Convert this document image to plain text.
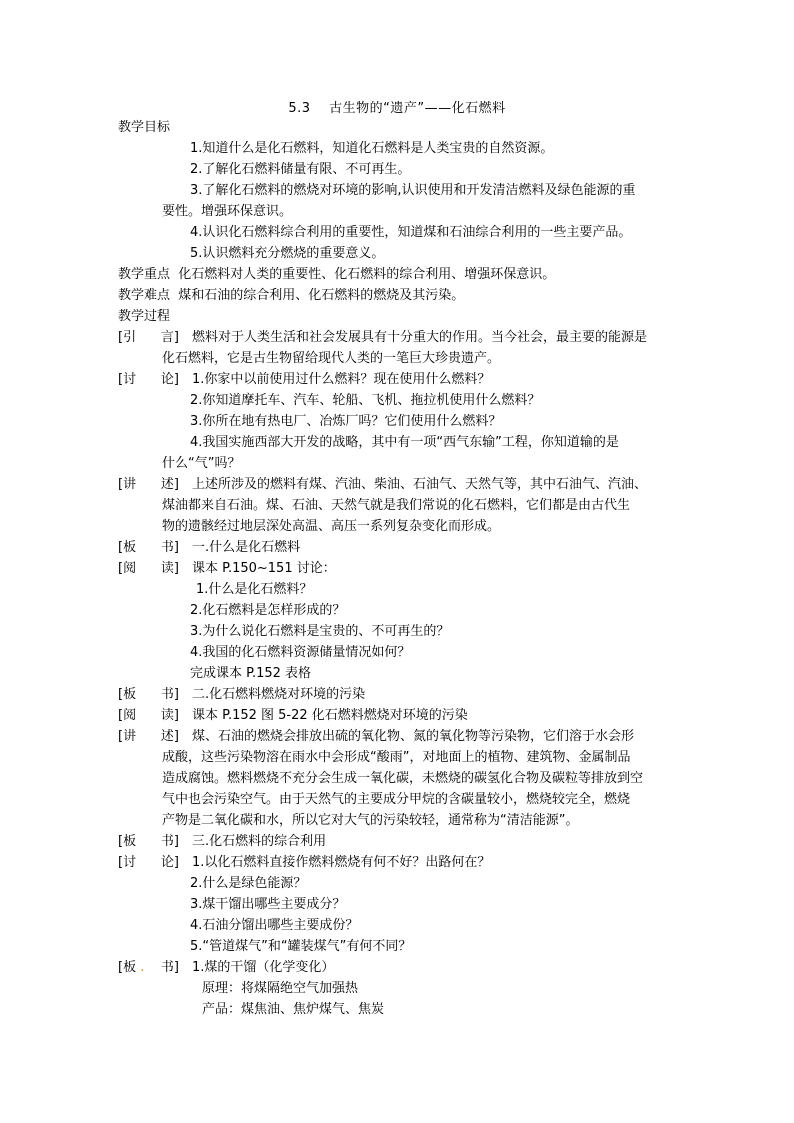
5.3    古生物的“遗产”——化石燃料
教学目标
1.知道什么是化石燃料，知道化石燃料是人类宝贵的自然资源。
2.了解化石燃料储量有限、不可再生。
3.了解化石燃料的燃烧对环境的影响,认识使用和开发清洁燃料及绿色能源的重
要性。增强环保意识。
4.认识化石燃料综合利用的重要性，知道煤和石油综合利用的一些主要产品。
5.认识燃料充分燃烧的重要意义。
教学重点 化石燃料对人类的重要性、化石燃料的综合利用、增强环保意识。
教学难点 煤和石油的综合利用、化石燃料的燃烧及其污染。
教学过程
[引      言] 燃料对于人类生活和社会发展具有十分重大的作用。当今社会，最主要的能源是
化石燃料，它是古生物留给现代人类的一笔巨大珍贵遗产。
[讨      论] 1.你家中以前使用过什么燃料？现在使用什么燃料？
2.你知道摩托车、汽车、轮船、飞机、拖拉机使用什么燃料？
3.你所在地有热电厂、冶炼厂吗？它们使用什么燃料？
4.我国实施西部大开发的战略，其中有一项“西气东输”工程，你知道输的是
什么“气”吗？
[讲      述] 上述所涉及的燃料有煤、汽油、柴油、石油气、天然气等，其中石油气、汽油、
煤油都来自石油。煤、石油、天然气就是我们常说的化石燃料，它们都是由古代生
物的遗骸经过地层深处高温、高压一系列复杂变化而形成。
[板      书] 一.什么是化石燃料
[阅      读] 课本 P.150~151 讨论：
1.什么是化石燃料？
2.化石燃料是怎样形成的？
3.为什么说化石燃料是宝贵的、不可再生的？
4.我国的化石燃料资源储量情况如何？
完成课本 P.152 表格
[板      书] 二.化石燃料燃烧对环境的污染
[阅      读] 课本 P.152 图 5-22 化石燃料燃烧对环境的污染
[讲      述] 煤、石油的燃烧会排放出硫的氧化物、氮的氧化物等污染物，它们溶于水会形
成酸，这些污染物溶在雨水中会形成“酸雨”，对地面上的植物、建筑物、金属制品
造成腐蚀。燃料燃烧不充分会生成一氧化碳，未燃烧的碳氢化合物及碳粒等排放到空
气中也会污染空气。由于天然气的主要成分甲烷的含碳量较小，燃烧较完全，燃烧
产物是二氧化碳和水，所以它对大气的污染较轻，通常称为“清洁能源”。
[板      书] 三.化石燃料的综合利用
[讨      论] 1.以化石燃料直接作燃料燃烧有何不好？出路何在？
2.什么是绿色能源？
3.煤干馏出哪些主要成分？
4.石油分馏出哪些主要成份？
5.“管道煤气”和“罐装煤气”有何不同？
[板 . 书] 1.煤的干馏（化学变化）
原理：将煤隔绝空气加强热
产品：煤焦油、焦炉煤气、焦炭
